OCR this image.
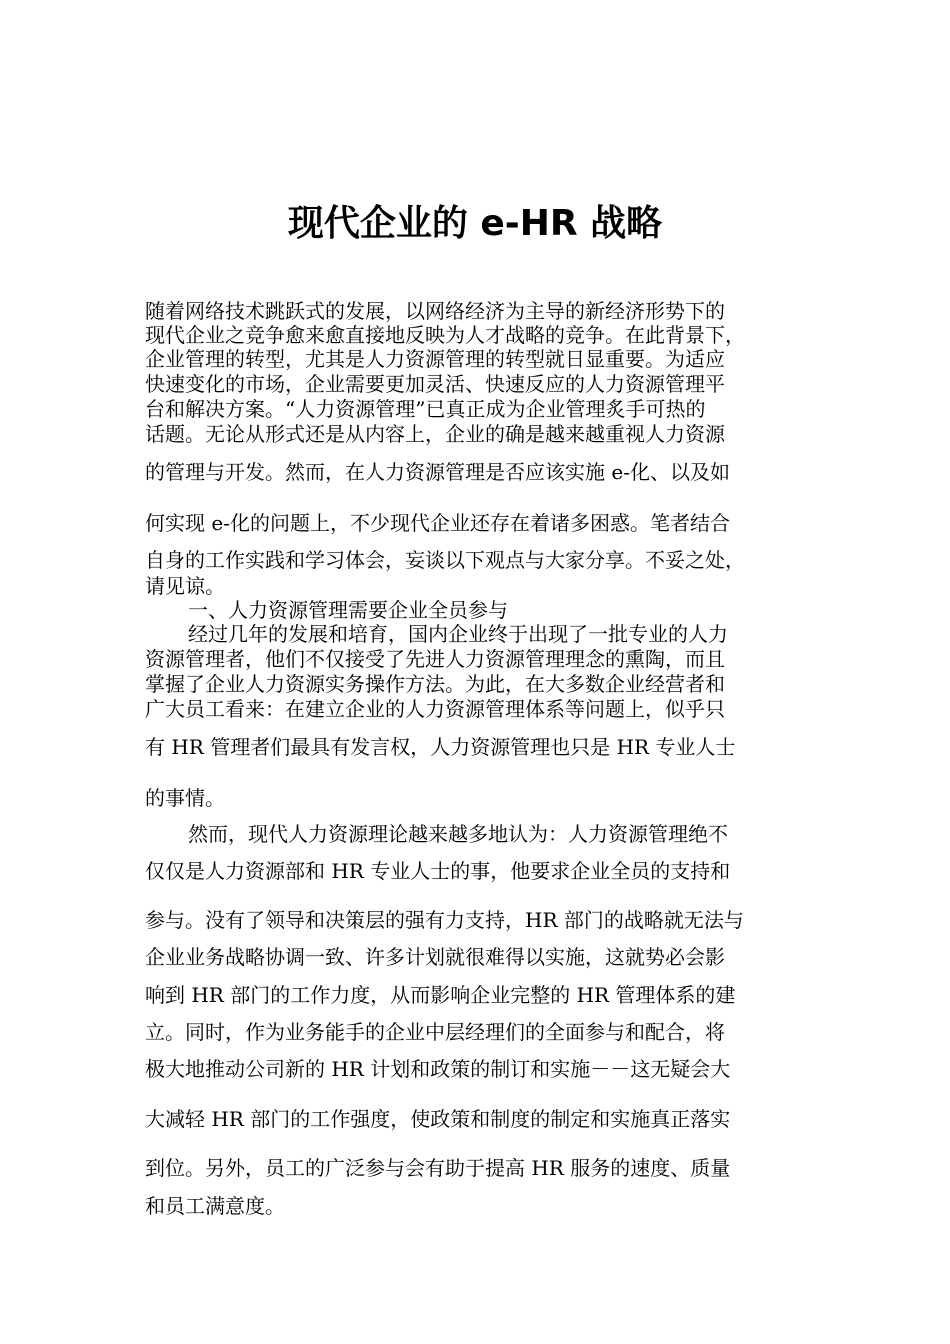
现代企业的 e-HR 战略

随着网络技术跳跃式的发展，以网络经济为主导的新经济形势下的

现代企业之竞争愈来愈直接地反映为人才战略的竞争。在此背景下，

企业管理的转型，尤其是人力资源管理的转型就日显重要。为适应

快速变化的市场，企业需要更加灵活、快速反应的人力资源管理平

台和解决方案。“人力资源管理”已真正成为企业管理炙手可热的

话题。无论从形式还是从内容上，企业的确是越来越重视人力资源

的管理与开发。然而，在人力资源管理是否应该实施 e-化、以及如

何实现 e-化的问题上，不少现代企业还存在着诸多困惑。笔者结合

自身的工作实践和学习体会，妄谈以下观点与大家分享。不妥之处，

请见谅。

一、人力资源管理需要企业全员参与

经过几年的发展和培育，国内企业终于出现了一批专业的人力

资源管理者，他们不仅接受了先进人力资源管理理念的熏陶，而且

掌握了企业人力资源实务操作方法。为此，在大多数企业经营者和

广大员工看来：在建立企业的人力资源管理体系等问题上，似乎只

有 HR 管理者们最具有发言权，人力资源管理也只是 HR 专业人士

的事情。

然而，现代人力资源理论越来越多地认为：人力资源管理绝不

仅仅是人力资源部和 HR 专业人士的事，他要求企业全员的支持和

参与。没有了领导和决策层的强有力支持，HR 部门的战略就无法与

企业业务战略协调一致、许多计划就很难得以实施，这就势必会影

响到 HR 部门的工作力度，从而影响企业完整的 HR 管理体系的建

立。同时，作为业务能手的企业中层经理们的全面参与和配合，将

极大地推动公司新的 HR 计划和政策的制订和实施－－这无疑会大

大减轻 HR 部门的工作强度，使政策和制度的制定和实施真正落实

到位。另外，员工的广泛参与会有助于提高 HR 服务的速度、质量

和员工满意度。
